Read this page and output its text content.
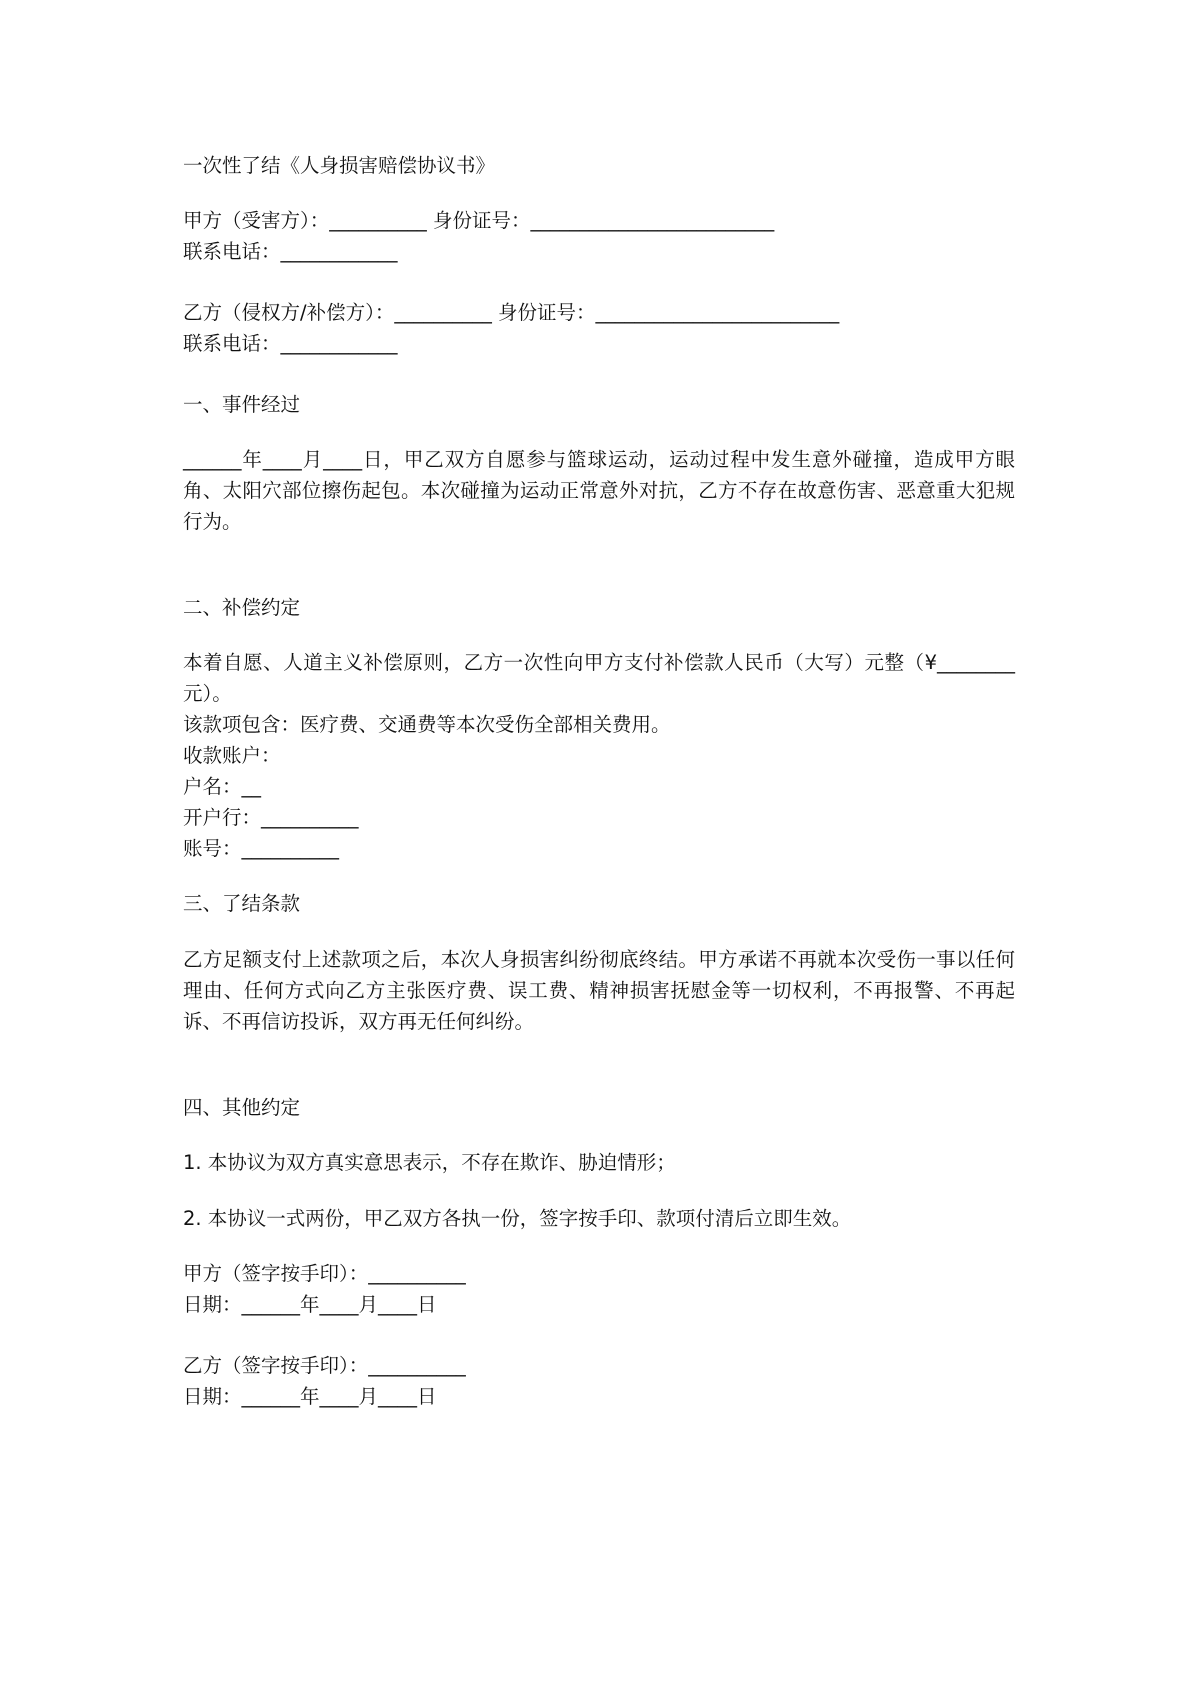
一次性了结《人身损害赔偿协议书》

甲方（受害方）：__________ 身份证号：_________________________

联系电话：____________

乙方（侵权方/补偿方）：__________ 身份证号：_________________________

联系电话：____________

一、事件经过

______年____月____日，甲乙双方自愿参与篮球运动，运动过程中发生意外碰撞，造成甲方眼角、太阳穴部位擦伤起包。本次碰撞为运动正常意外对抗，乙方不存在故意伤害、恶意重大犯规行为。

二、补偿约定

本着自愿、人道主义补偿原则，乙方一次性向甲方支付补偿款人民币（大写）元整（¥________元）。

该款项包含：医疗费、交通费等本次受伤全部相关费用。

收款账户：

户名：__

开户行：__________

账号：__________

三、了结条款

乙方足额支付上述款项之后，本次人身损害纠纷彻底终结。甲方承诺不再就本次受伤一事以任何理由、任何方式向乙方主张医疗费、误工费、精神损害抚慰金等一切权利，不再报警、不再起诉、不再信访投诉，双方再无任何纠纷。

四、其他约定

1. 本协议为双方真实意思表示，不存在欺诈、胁迫情形；

2. 本协议一式两份，甲乙双方各执一份，签字按手印、款项付清后立即生效。

甲方（签字按手印）：__________

日期：______年____月____日

乙方（签字按手印）：__________

日期：______年____月____日
